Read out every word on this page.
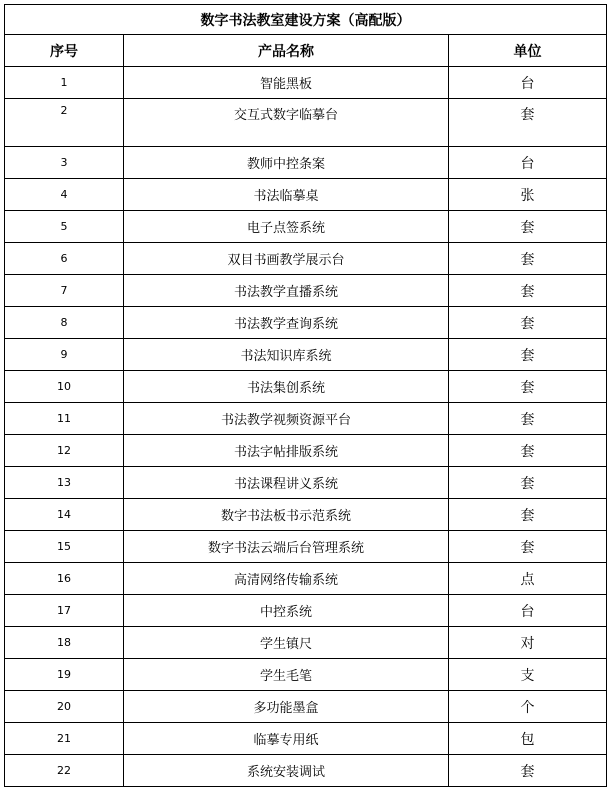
数字书法教室建设方案（高配版）		
序号	产品名称	单位
1	智能黑板	台
2	交互式数字临摹台	套
3	教师中控条案	台
4	书法临摹桌	张
5	电子点签系统	套
6	双目书画教学展示台	套
7	书法教学直播系统	套
8	书法教学查询系统	套
9	书法知识库系统	套
10	书法集创系统	套
11	书法教学视频资源平台	套
12	书法字帖排版系统	套
13	书法课程讲义系统	套
14	数字书法板书示范系统	套
15	数字书法云端后台管理系统	套
16	高清网络传输系统	点
17	中控系统	台
18	学生镇尺	对
19	学生毛笔	支
20	多功能墨盒	个
21	临摹专用纸	包
22	系统安装调试	套
